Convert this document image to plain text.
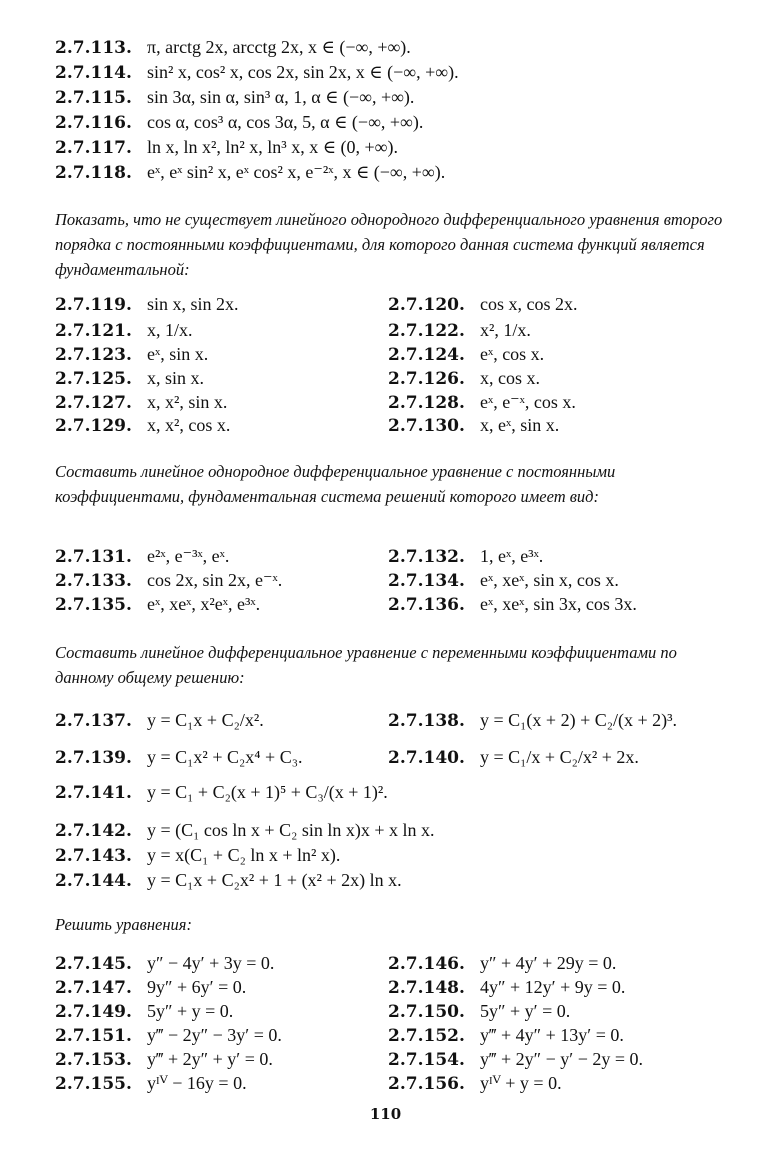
2.7.113. π, arctg 2x, arcctg 2x, x ∈ (−∞, +∞).
2.7.114. sin² x, cos² x, cos 2x, sin 2x, x ∈ (−∞, +∞).
2.7.115. sin 3α, sin α, sin³ α, 1, α ∈ (−∞, +∞).
2.7.116. cos α, cos³ α, cos 3α, 5, α ∈ (−∞, +∞).
2.7.117. ln x, ln x², ln² x, ln³ x, x ∈ (0, +∞).
2.7.118. eˣ, eˣ sin² x, eˣ cos² x, e⁻²ˣ, x ∈ (−∞, +∞).
Показать, что не существует линейного однородного дифференциального уравнения второго порядка с постоянными коэффициентами, для которого данная система функций является фундаментальной:
2.7.119. sin x, sin 2x.	2.7.120. cos x, cos 2x.
2.7.121. x, 1/x.	2.7.122. x², 1/x.
2.7.123. eˣ, sin x.	2.7.124. eˣ, cos x.
2.7.125. x, sin x.	2.7.126. x, cos x.
2.7.127. x, x², sin x.	2.7.128. eˣ, e⁻ˣ, cos x.
2.7.129. x, x², cos x.	2.7.130. x, eˣ, sin x.
Составить линейное однородное дифференциальное уравнение с постоянными коэффициентами, фундаментальная система решений которого имеет вид:
2.7.131. e²ˣ, e⁻³ˣ, eˣ.	2.7.132. 1, eˣ, e³ˣ.
2.7.133. cos 2x, sin 2x, e⁻ˣ.	2.7.134. eˣ, xeˣ, sin x, cos x.
2.7.135. eˣ, xeˣ, x²eˣ, e³ˣ.	2.7.136. eˣ, xeˣ, sin 3x, cos 3x.
Составить линейное дифференциальное уравнение с переменными коэффициентами по данному общему решению:
2.7.137. y = C₁x + C₂/x².	2.7.138. y = C₁(x + 2) + C₂/(x + 2)³.
2.7.139. y = C₁x² + C₂x⁴ + C₃.	2.7.140. y = C₁/x + C₂/x² + 2x.
2.7.141. y = C₁ + C₂(x + 1)⁵ + C₃/(x + 1)².
2.7.142. y = (C₁ cos ln x + C₂ sin ln x)x + x ln x.
2.7.143. y = x(C₁ + C₂ ln x + ln² x).
2.7.144. y = C₁x + C₂x² + 1 + (x² + 2x) ln x.
Решить уравнения:
2.7.145. y″ − 4y′ + 3y = 0.	2.7.146. y″ + 4y′ + 29y = 0.
2.7.147. 9y″ + 6y′ = 0.	2.7.148. 4y″ + 12y′ + 9y = 0.
2.7.149. 5y″ + y = 0.	2.7.150. 5y″ + y′ = 0.
2.7.151. y‴ − 2y″ − 3y′ = 0.	2.7.152. y‴ + 4y″ + 13y′ = 0.
2.7.153. y‴ + 2y″ + y′ = 0.	2.7.154. y‴ + 2y″ − y′ − 2y = 0.
2.7.155. yᴵⱽ − 16y = 0.	2.7.156. yᴵⱽ + y = 0.
110
